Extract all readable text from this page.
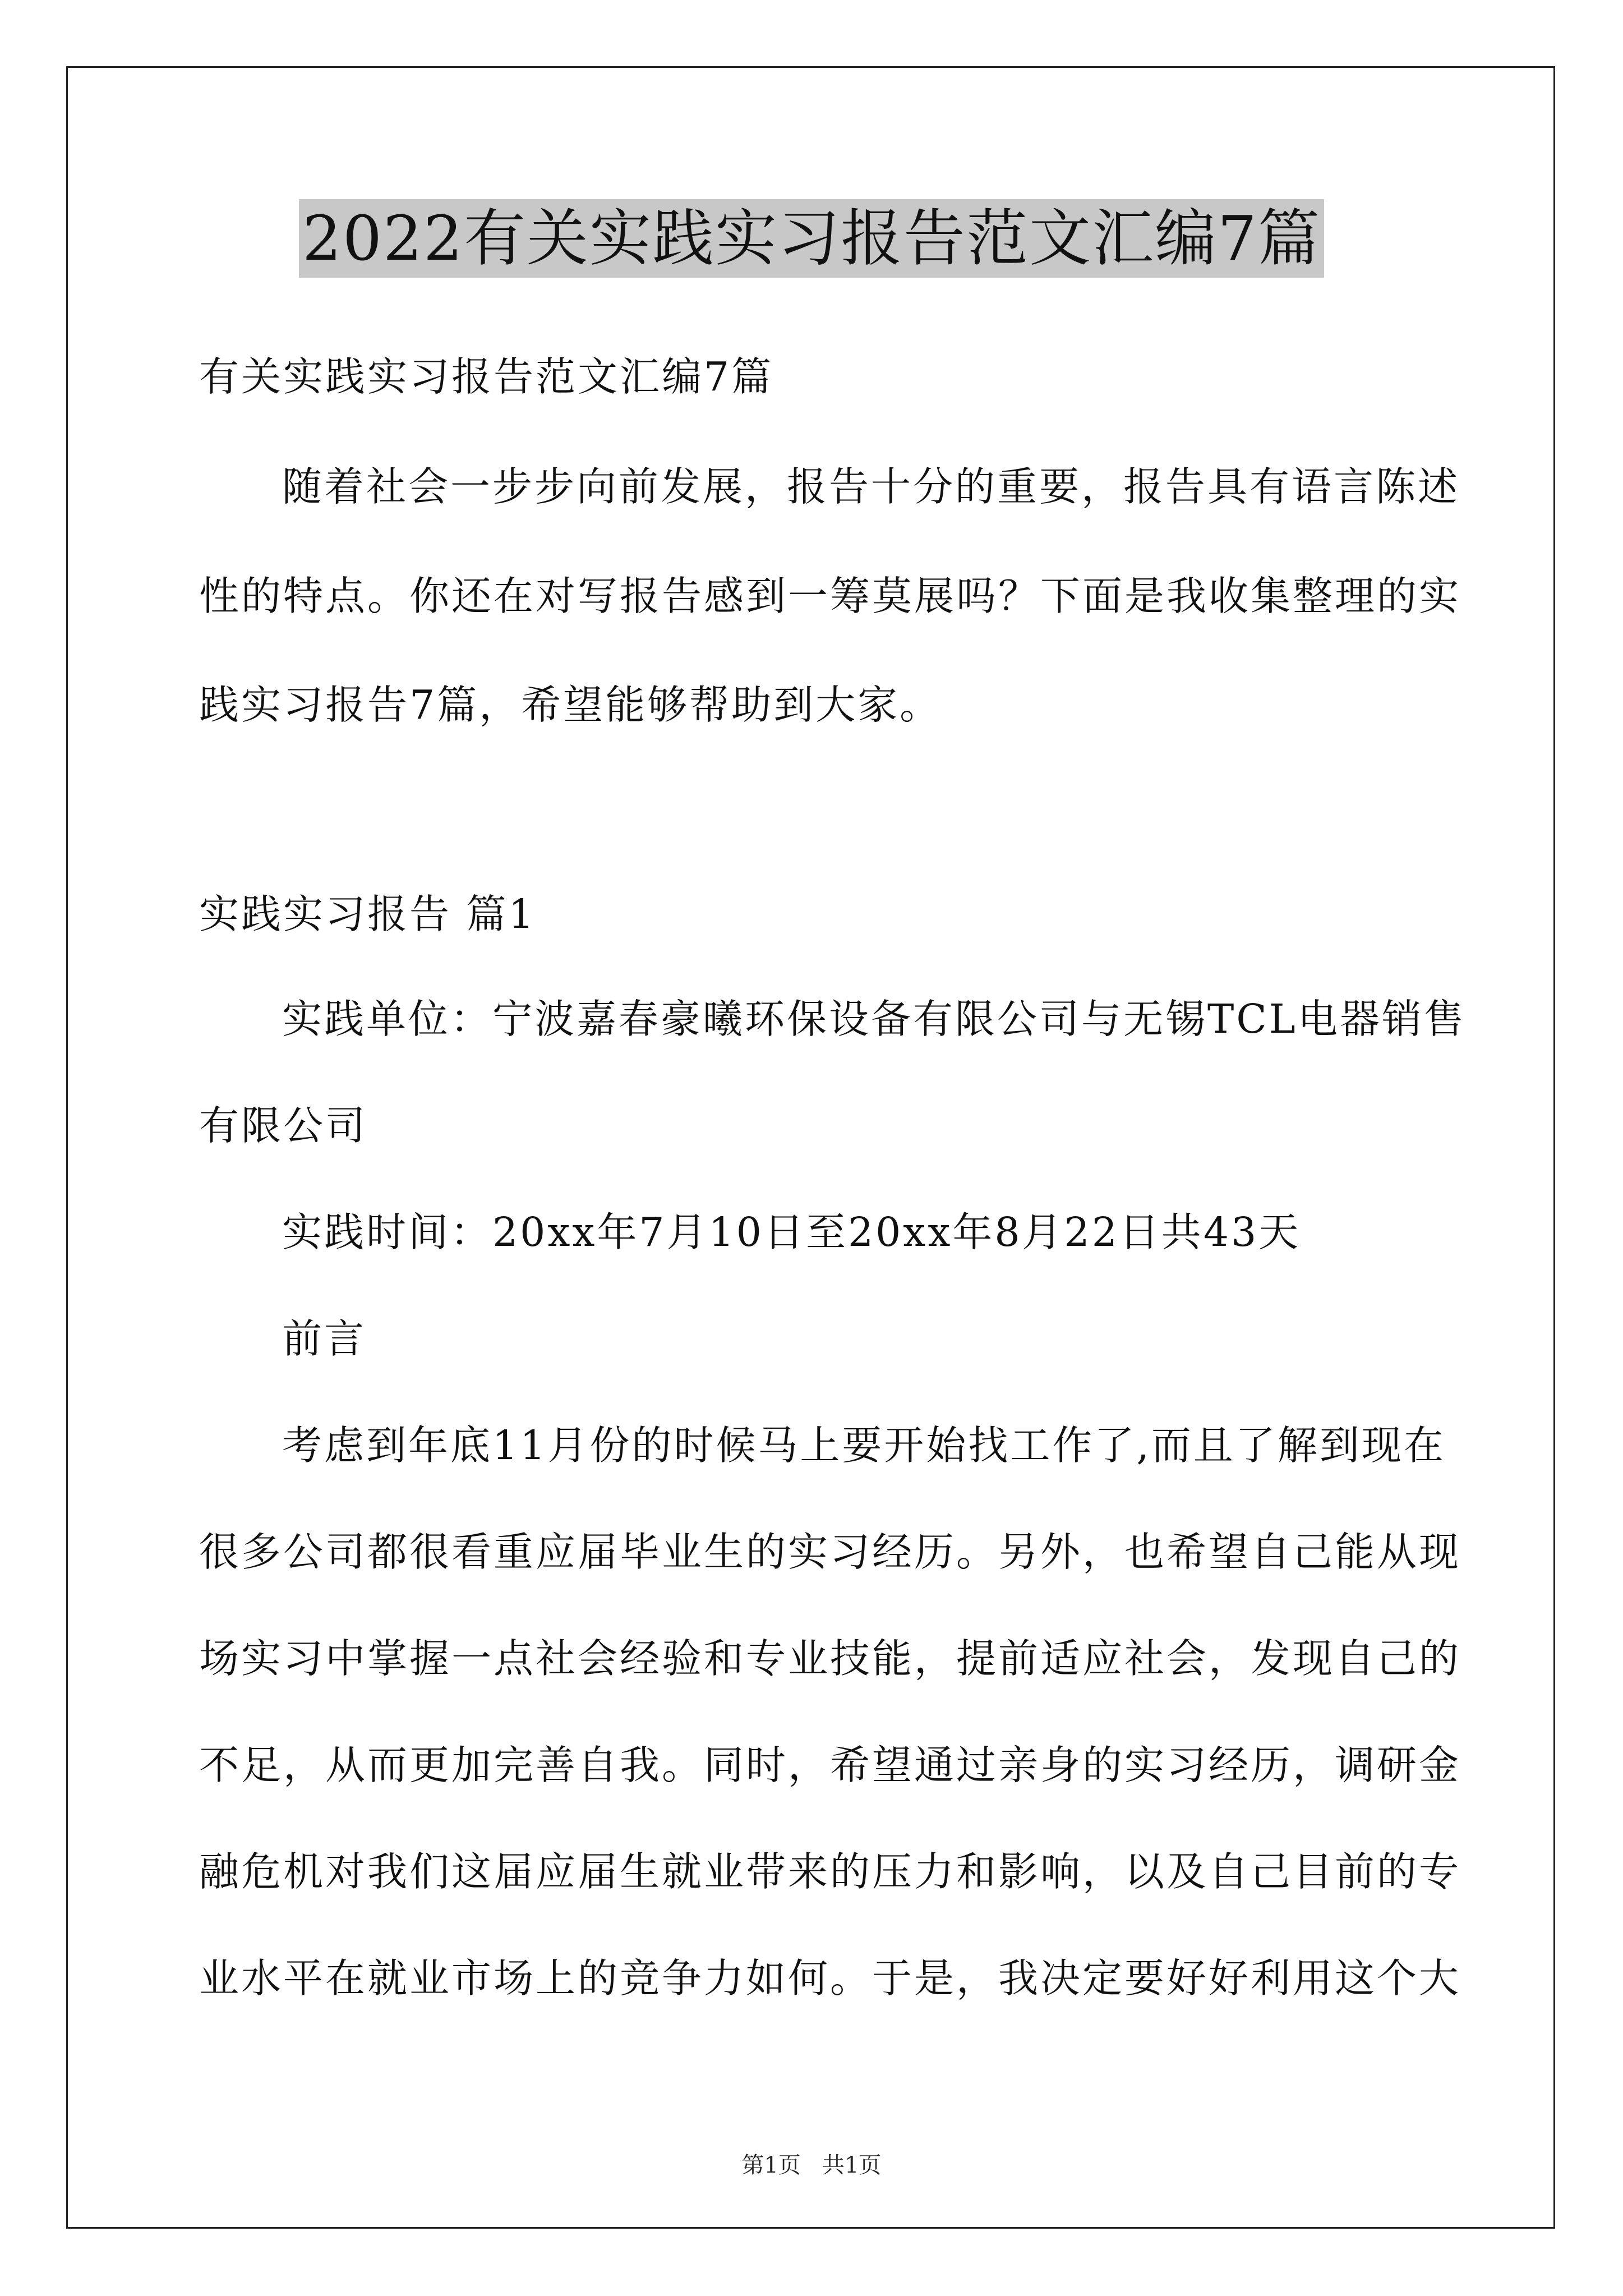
2022有关实践实习报告范文汇编7篇
有关实践实习报告范文汇编7篇
随着社会一步步向前发展，报告十分的重要，报告具有语言陈述
性的特点。你还在对写报告感到一筹莫展吗？下面是我收集整理的实
践实习报告7篇，希望能够帮助到大家。
实践实习报告 篇1
实践单位：宁波嘉春豪曦环保设备有限公司与无锡TCL电器销售
有限公司
实践时间：20xx年7月10日至20xx年8月22日共43天
前言
考虑到年底11月份的时候马上要开始找工作了,而且了解到现在
很多公司都很看重应届毕业生的实习经历。另外，也希望自己能从现
场实习中掌握一点社会经验和专业技能，提前适应社会，发现自己的
不足，从而更加完善自我。同时，希望通过亲身的实习经历，调研金
融危机对我们这届应届生就业带来的压力和影响，以及自己目前的专
业水平在就业市场上的竞争力如何。于是，我决定要好好利用这个大
第1页   共1页
